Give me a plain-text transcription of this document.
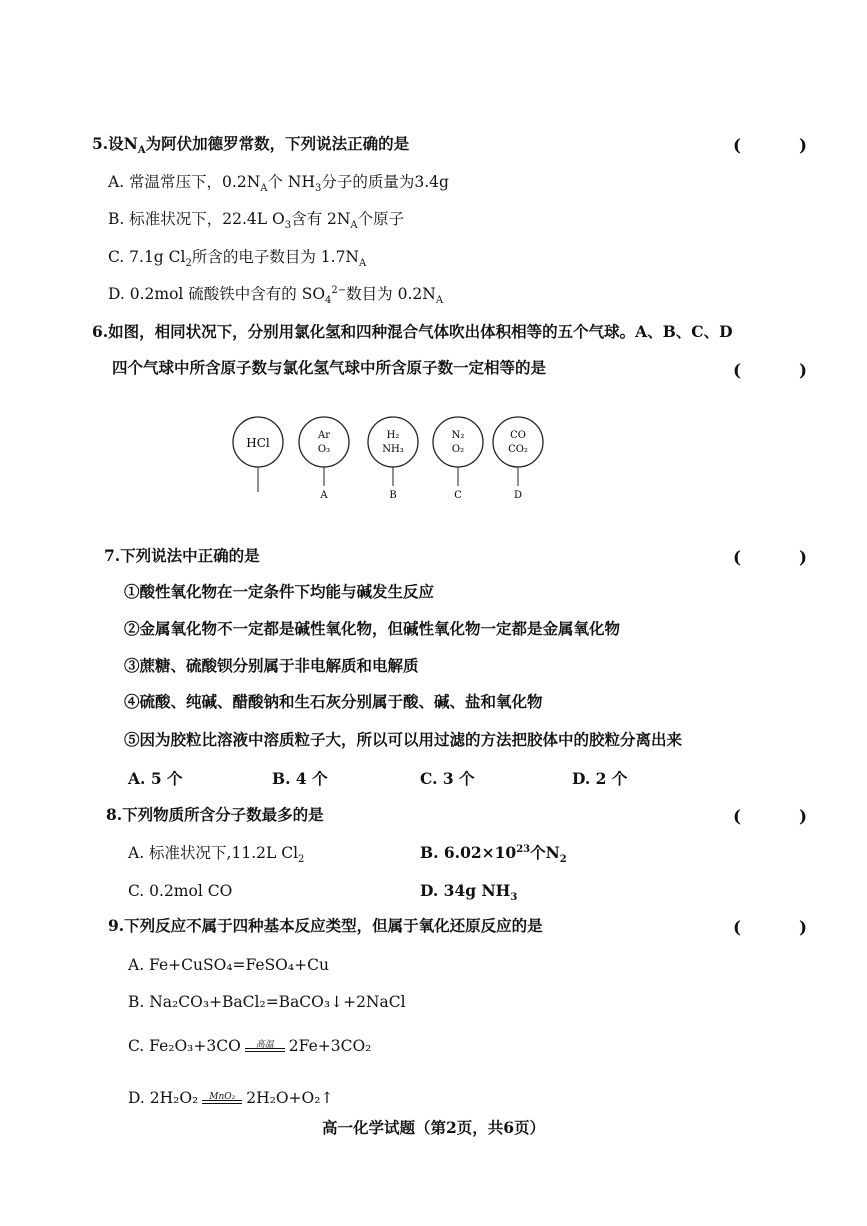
5.设$N_A$为阿伏加德罗常数，下列说法正确的是	( )
A. 常温常压下，$0.2N_A$个 $NH_3$分子的质量为3.4g
B. 标准状况下，22.4L $O_3$含有 $2N_A$个原子
C. 7.1g $Cl_2$所含的电子数目为 $1.7N_A$
D. 0.2mol 硫酸铁中含有的 $SO_4^{2-}$数目为 $0.2N_A$
6.如图，相同状况下，分别用氯化氢和四种混合气体吹出体积相等的五个气球。A、B、C、D
四个气球中所含原子数与氯化氢气球中所含原子数一定相等的是	( )
HCl
Ar
O₃
A
H₂
NH₃
B
N₂
O₂
C
CO
CO₂
D
7.下列说法中正确的是	( )
①酸性氧化物在一定条件下均能与碱发生反应
②金属氧化物不一定都是碱性氧化物，但碱性氧化物一定都是金属氧化物
③蔗糖、硫酸钡分别属于非电解质和电解质
④硫酸、纯碱、醋酸钠和生石灰分别属于酸、碱、盐和氧化物
⑤因为胶粒比溶液中溶质粒子大，所以可以用过滤的方法把胶体中的胶粒分离出来
A. 5 个	B. 4 个	C. 3 个	D. 2 个
8.下列物质所含分子数最多的是	( )
A. 标准状况下,11.2L $Cl_2$	B. $6.02\times 10^{23}$个$N_2$
C. 0.2mol CO	D. 34g $NH_3$
9.下列反应不属于四种基本反应类型，但属于氧化还原反应的是	( )
A. Fe+CuSO₄=FeSO₄+Cu
B. Na₂CO₃+BaCl₂=BaCO₃↓+2NaCl
C. Fe₂O₃+3CO	高温 2Fe+3CO₂
D. 2H₂O₂	MnO₂ 2H₂O+O₂↑
高一化学试题（第2页，共6页）
